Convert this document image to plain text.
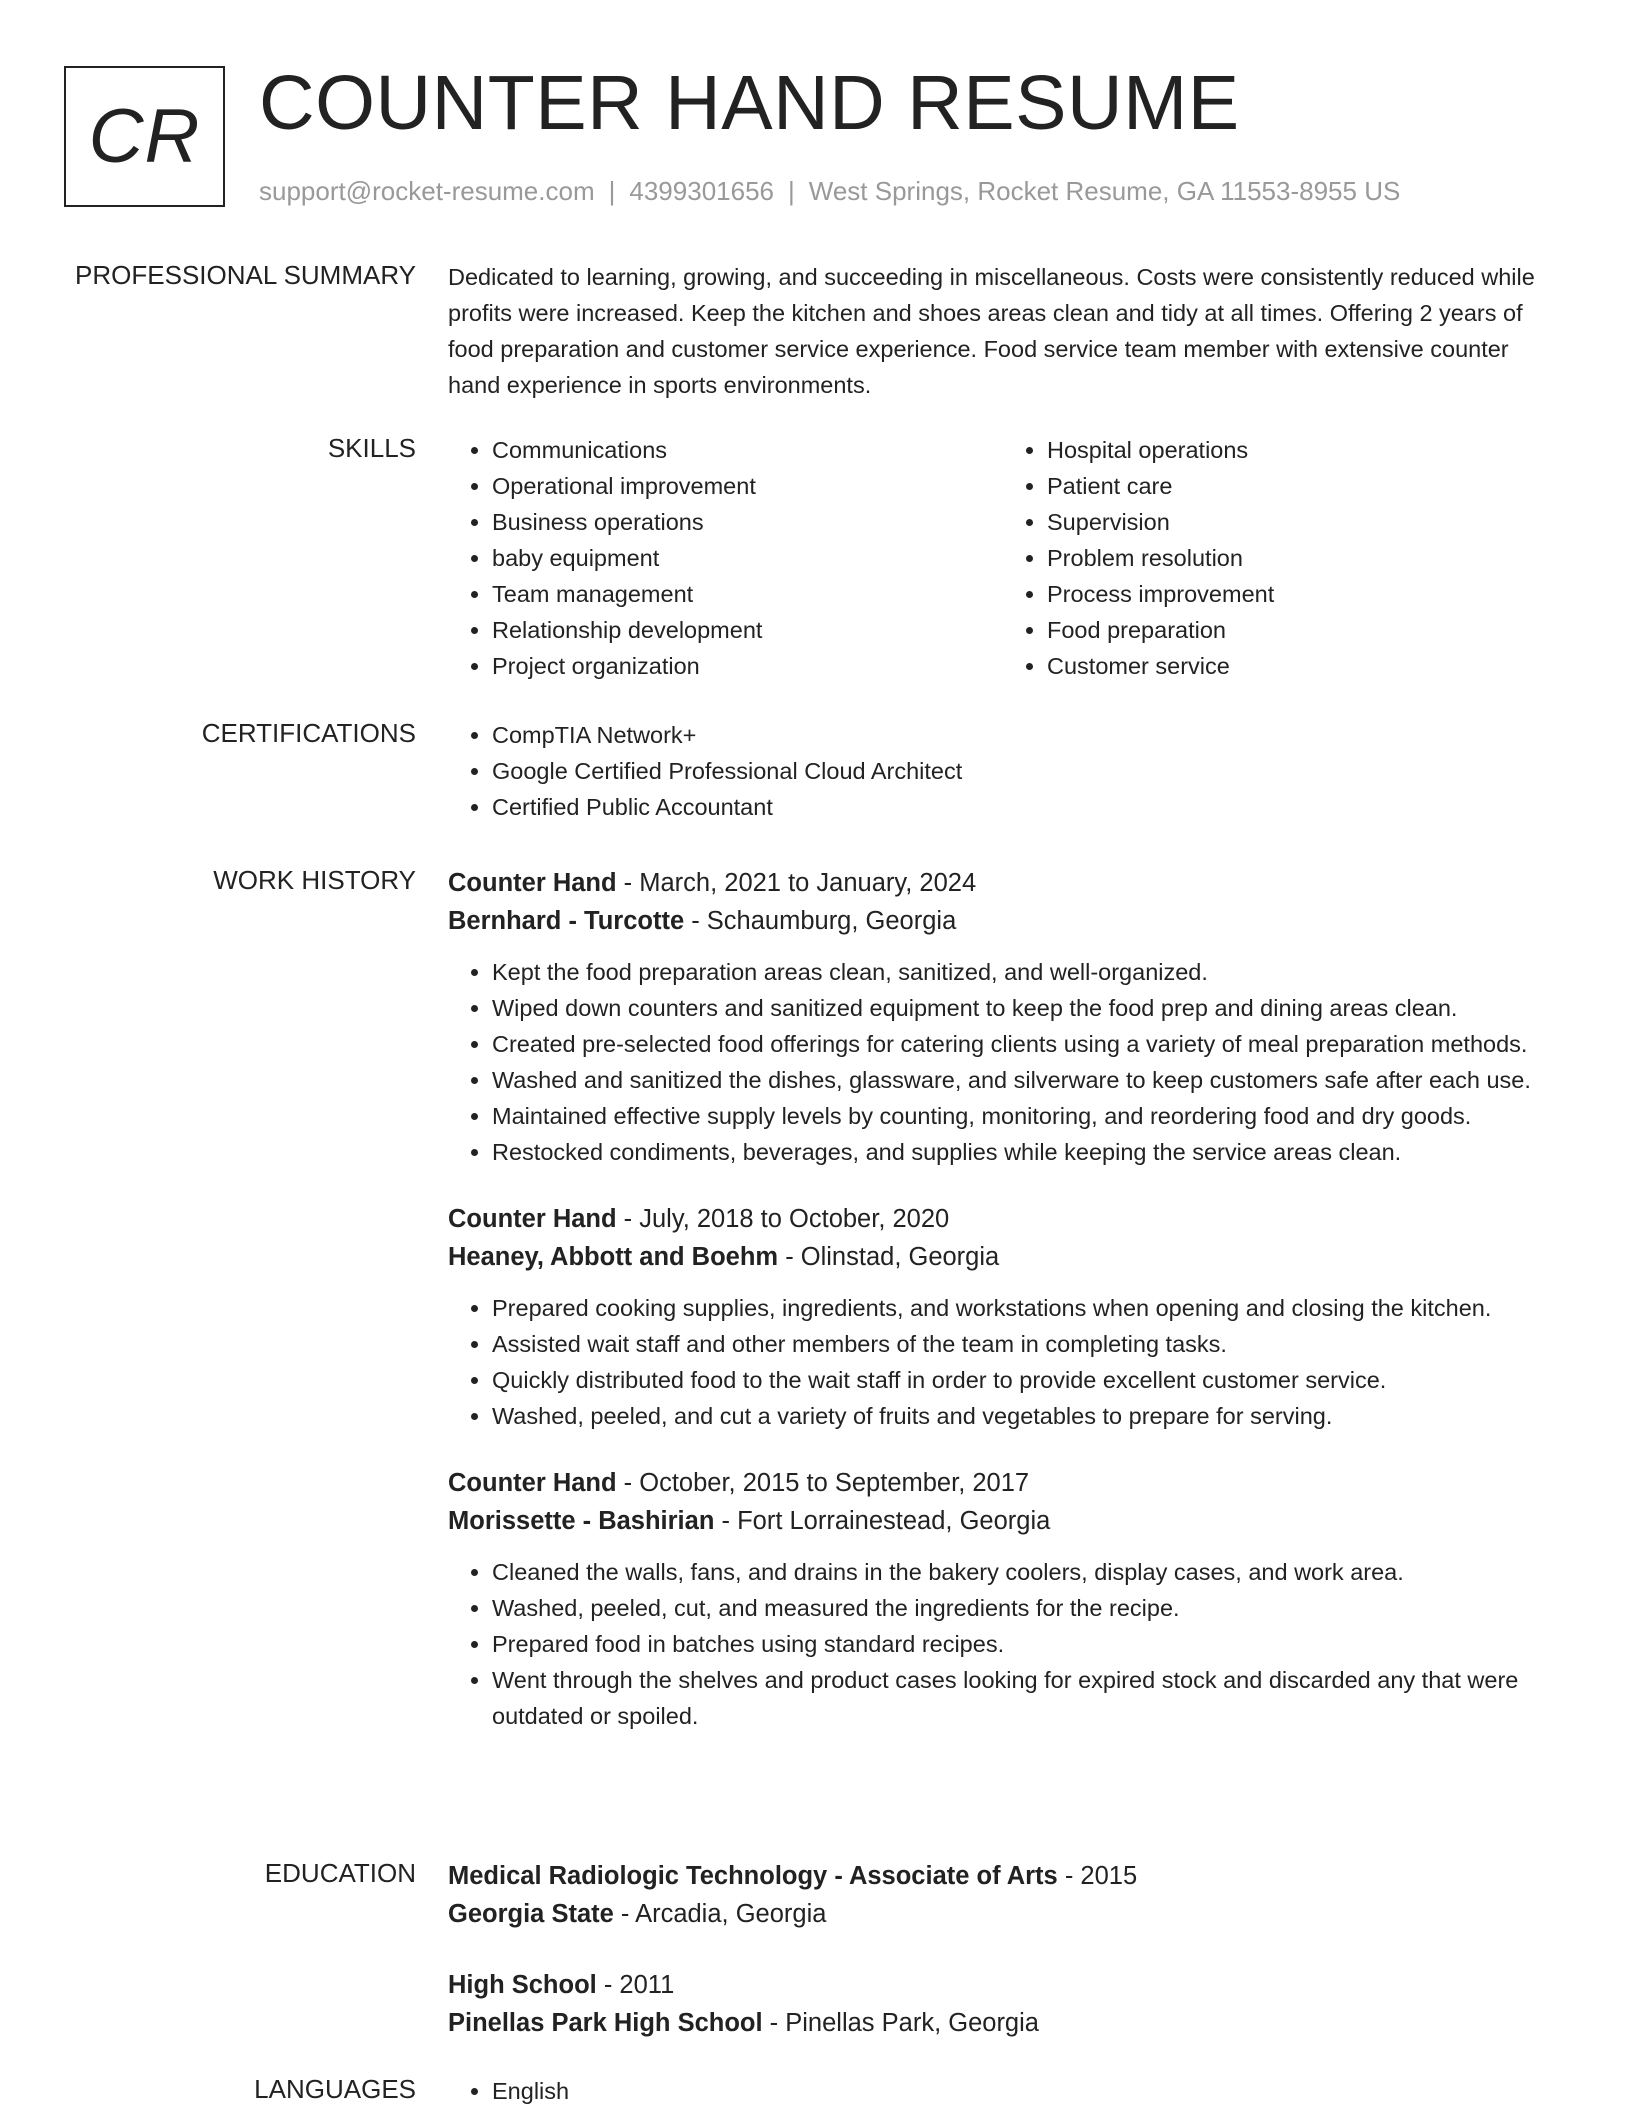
CR COUNTER HAND RESUME
support@rocket-resume.com | 4399301656 | West Springs, Rocket Resume, GA 11553-8955 US
PROFESSIONAL SUMMARY Dedicated to learning, growing, and succeeding in miscellaneous. Costs were consistently reduced while profits were increased. Keep the kitchen and shoes areas clean and tidy at all times. Offering 2 years of food preparation and customer service experience. Food service team member with extensive counter hand experience in sports environments.
SKILLS	• Communications
• Operational improvement
• Business operations
• baby equipment
• Team management
• Relationship development
• Project organization
• Hospital operations
• Patient care
• Supervision
• Problem resolution
• Process improvement
• Food preparation
• Customer service
CERTIFICATIONS	• CompTIA Network+
• Google Certified Professional Cloud Architect
• Certified Public Accountant
WORK HISTORY Counter Hand - March, 2021 to January, 2024
Bernhard - Turcotte - Schaumburg, Georgia
• Kept the food preparation areas clean, sanitized, and well-organized.
• Wiped down counters and sanitized equipment to keep the food prep and dining areas clean.
• Created pre-selected food offerings for catering clients using a variety of meal preparation methods.
• Washed and sanitized the dishes, glassware, and silverware to keep customers safe after each use.
• Maintained effective supply levels by counting, monitoring, and reordering food and dry goods.
• Restocked condiments, beverages, and supplies while keeping the service areas clean.
Counter Hand - July, 2018 to October, 2020
Heaney, Abbott and Boehm - Olinstad, Georgia
• Prepared cooking supplies, ingredients, and workstations when opening and closing the kitchen.
• Assisted wait staff and other members of the team in completing tasks.
• Quickly distributed food to the wait staff in order to provide excellent customer service.
• Washed, peeled, and cut a variety of fruits and vegetables to prepare for serving.
Counter Hand - October, 2015 to September, 2017
Morissette - Bashirian - Fort Lorrainestead, Georgia
• Cleaned the walls, fans, and drains in the bakery coolers, display cases, and work area.
• Washed, peeled, cut, and measured the ingredients for the recipe.
• Prepared food in batches using standard recipes.
• Went through the shelves and product cases looking for expired stock and discarded any that were outdated or spoiled.
EDUCATION Medical Radiologic Technology - Associate of Arts - 2015
Georgia State - Arcadia, Georgia
High School - 2011
Pinellas Park High School - Pinellas Park, Georgia
LANGUAGES	• English
